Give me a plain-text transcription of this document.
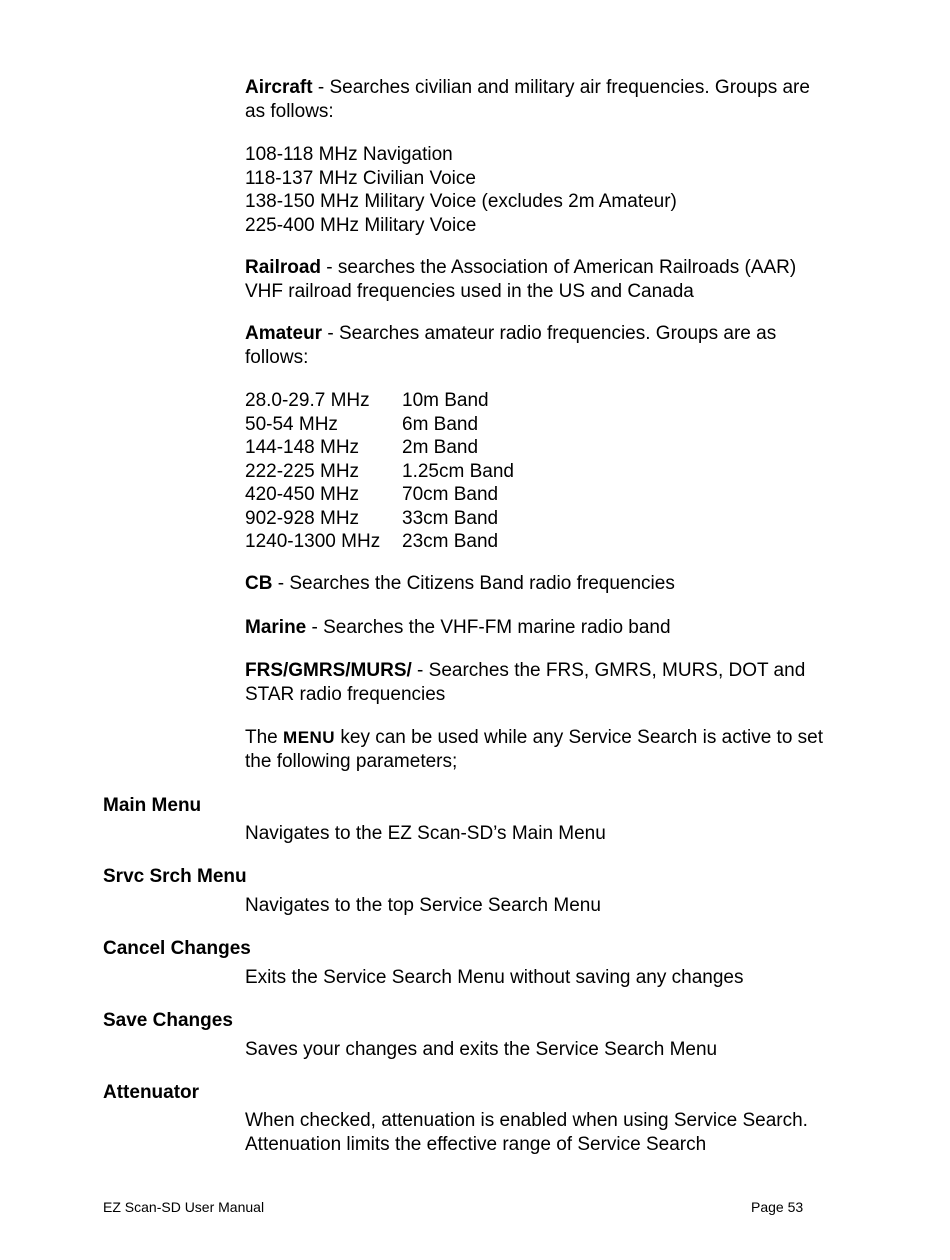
Aircraft - Searches civilian and military air frequencies. Groups are as follows:
108-118 MHz Navigation
118-137 MHz Civilian Voice
138-150 MHz Military Voice (excludes 2m Amateur)
225-400 MHz Military Voice
Railroad - searches the Association of American Railroads (AAR) VHF railroad frequencies used in the US and Canada
Amateur - Searches amateur radio frequencies. Groups are as follows:
28.0-29.7 MHz	10m Band
50-54 MHz	6m Band
144-148 MHz	2m Band
222-225 MHz	1.25cm Band
420-450 MHz	70cm Band
902-928 MHz	33cm Band
1240-1300 MHz	23cm Band
CB - Searches the Citizens Band radio frequencies
Marine - Searches the VHF-FM marine radio band
FRS/GMRS/MURS/ - Searches the FRS, GMRS, MURS, DOT and STAR radio frequencies
The MENU key can be used while any Service Search is active to set the following parameters;
Main Menu
Navigates to the EZ Scan-SD’s Main Menu
Srvc Srch Menu
Navigates to the top Service Search Menu
Cancel Changes
Exits the Service Search Menu without saving any changes
Save Changes
Saves your changes and exits the Service Search Menu
Attenuator
When checked, attenuation is enabled when using Service Search. Attenuation limits the effective range of Service Search
EZ Scan-SD User Manual	Page 53
